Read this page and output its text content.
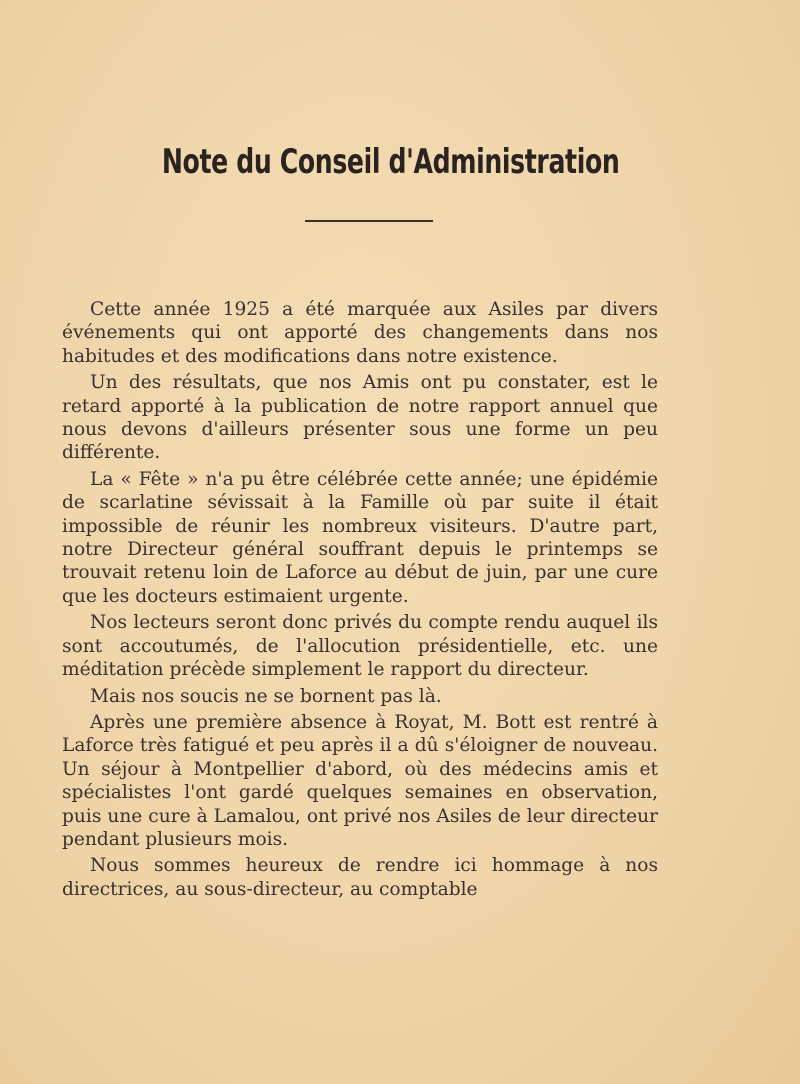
Note du Conseil d'Administration

Cette année 1925 a été marquée aux Asiles par divers événements qui ont apporté des changements dans nos habitudes et des modifications dans notre existence.

Un des résultats, que nos Amis ont pu constater, est le retard apporté à la publication de notre rapport annuel que nous devons d'ailleurs présenter sous une forme un peu différente.

La « Fête » n'a pu être célébrée cette année; une épidémie de scarlatine sévissait à la Famille où par suite il était impossible de réunir les nombreux visiteurs. D'autre part, notre Directeur général souffrant depuis le printemps se trouvait retenu loin de Laforce au début de juin, par une cure que les docteurs estimaient urgente.

Nos lecteurs seront donc privés du compte rendu auquel ils sont accoutumés, de l'allocution présidentielle, etc. une méditation précède simplement le rapport du directeur.

Mais nos soucis ne se bornent pas là.

Après une première absence à Royat, M. Bott est rentré à Laforce très fatigué et peu après il a dû s'éloigner de nouveau. Un séjour à Montpellier d'abord, où des médecins amis et spécialistes l'ont gardé quelques semaines en observation, puis une cure à Lamalou, ont privé nos Asiles de leur directeur pendant plusieurs mois.

Nous sommes heureux de rendre ici hommage à nos directrices, au sous-directeur, au comptable
